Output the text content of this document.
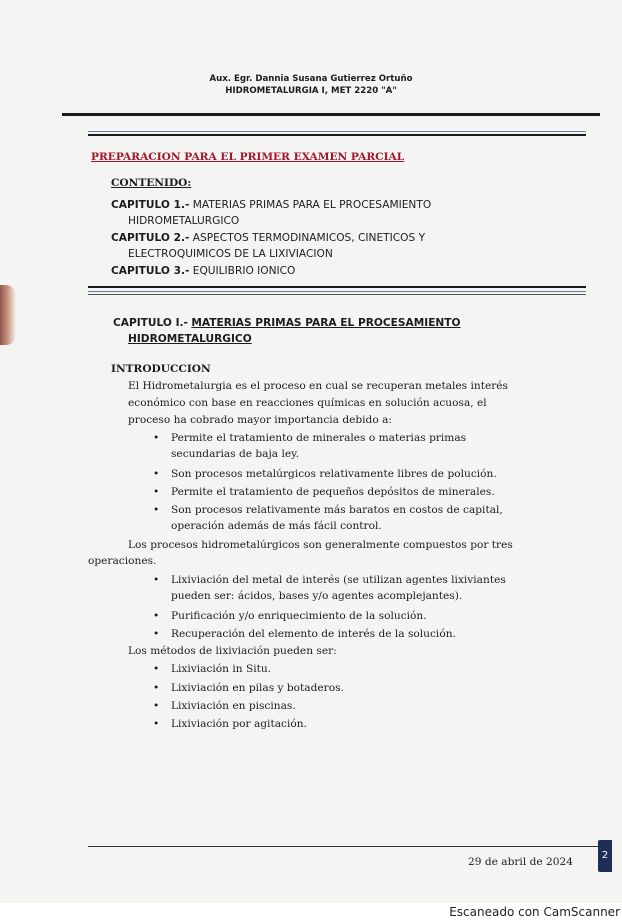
Aux. Egr. Dannia Susana Gutierrez Ortuño
HIDROMETALURGIA I, MET 2220 "A"
PREPARACION PARA EL PRIMER EXAMEN PARCIAL
CONTENIDO:
CAPITULO 1.- MATERIAS PRIMAS PARA EL PROCESAMIENTO
HIDROMETALURGICO
CAPITULO 2.- ASPECTOS TERMODINAMICOS, CINETICOS Y
ELECTROQUIMICOS DE LA LIXIVIACION
CAPITULO 3.- EQUILIBRIO IONICO
CAPITULO I.- MATERIAS PRIMAS PARA EL PROCESAMIENTO
HIDROMETALURGICO
INTRODUCCION
El Hidrometalurgia es el proceso en cual se recuperan metales interés
económico con base en reacciones químicas en solución acuosa, el
proceso ha cobrado mayor importancia debido a:
• Permite el tratamiento de minerales o materias primas
secundarias de baja ley.
• Son procesos metalúrgicos relativamente libres de polución.
• Permite el tratamiento de pequeños depósitos de minerales.
• Son procesos relativamente más baratos en costos de capital,
operación además de más fácil control.
Los procesos hidrometalúrgicos son generalmente compuestos por tres
operaciones.
• Lixiviación del metal de interés (se utilizan agentes lixiviantes
pueden ser: ácidos, bases y/o agentes acomplejantes).
• Purificación y/o enriquecimiento de la solución.
• Recuperación del elemento de interés de la solución.
Los métodos de lixiviación pueden ser:
• Lixiviación in Situ.
• Lixiviación en pilas y botaderos.
• Lixiviación en piscinas.
• Lixiviación por agitación.
29 de abril de 2024
2
Escaneado con CamScanner
